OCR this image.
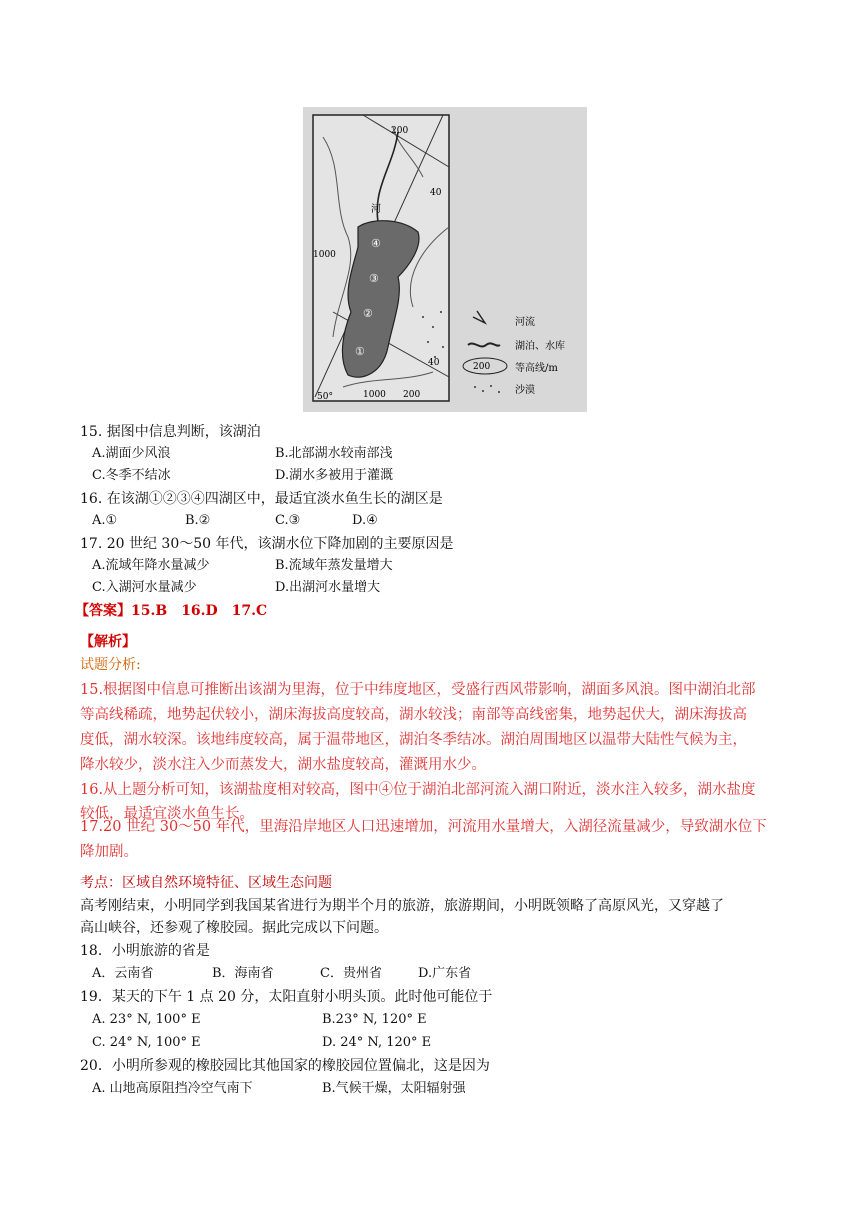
200
40
1000
200
40
1000
50°
河
④
③
②
①
河流
湖泊、水库
200 等高线/m
沙漠
15. 据图中信息判断，该湖泊
A.湖面少风浪	B.北部湖水较南部浅
C.冬季不结冰	D.湖水多被用于灌溉
16. 在该湖①②③④四湖区中，最适宜淡水鱼生长的湖区是
A.①	B.②	C.③	D.④
17. 20 世纪 30～50 年代，该湖水位下降加剧的主要原因是
A.流域年降水量减少	B.流域年蒸发量增大
C.入湖河水量减少	D.出湖河水量增大
【答案】15.B　16.D　17.C
【解析】
试题分析:
15.根据图中信息可推断出该湖为里海，位于中纬度地区，受盛行西风带影响，湖面多风浪。图中湖泊北部
等高线稀疏，地势起伏较小，湖床海拔高度较高，湖水较浅；南部等高线密集，地势起伏大，湖床海拔高
度低，湖水较深。该地纬度较高，属于温带地区，湖泊冬季结冰。湖泊周围地区以温带大陆性气候为主，
降水较少，淡水注入少而蒸发大，湖水盐度较高，灌溉用水少。
16.从上题分析可知，该湖盐度相对较高，图中④位于湖泊北部河流入湖口附近，淡水注入较多，湖水盐度
较低，最适宜淡水鱼生长。
17.20 世纪 30～50 年代，里海沿岸地区人口迅速增加，河流用水量增大，入湖径流量减少，导致湖水位下
降加剧。
考点：区域自然环境特征、区域生态问题
高考刚结束，小明同学到我国某省进行为期半个月的旅游，旅游期间，小明既领略了高原风光，又穿越了
高山峡谷，还参观了橡胶园。据此完成以下问题。
18．小明旅游的省是
A．云南省	B．海南省	C．贵州省	D.广东省
19．某天的下午 1 点 20 分，太阳直射小明头顶。此时他可能位于
A. 23° N, 100° E	B.23° N, 120° E
C. 24° N, 100° E	D. 24° N, 120° E
20．小明所参观的橡胶园比其他国家的橡胶园位置偏北，这是因为
A. 山地高原阻挡冷空气南下	B.气候干燥，太阳辐射强
